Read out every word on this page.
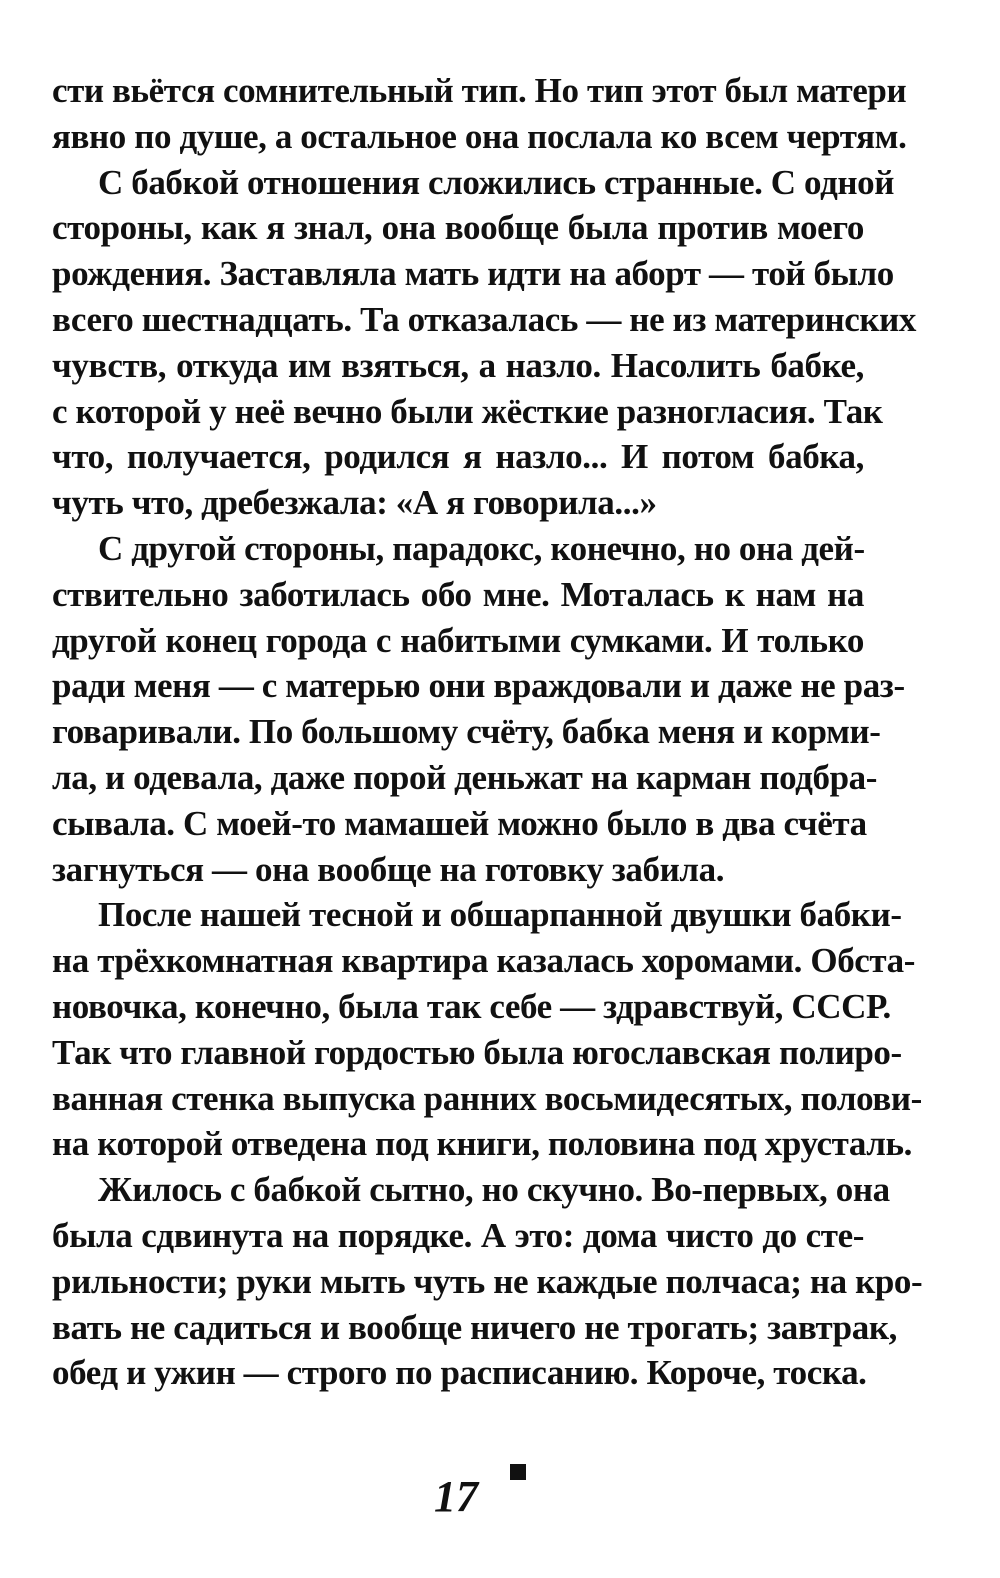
сти вьётся сомнительный тип. Но тип этот был матери
явно по душе, а остальное она послала ко всем чертям.
С бабкой отношения сложились странные. С одной
стороны, как я знал, она вообще была против моего
рождения. Заставляла мать идти на аборт — той было
всего шестнадцать. Та отказалась — не из материнских
чувств, откуда им взяться, а назло. Насолить бабке,
с которой у неё вечно были жёсткие разногласия. Так
что, получается, родился я назло... И потом бабка,
чуть что, дребезжала: «А я говорила...»
С другой стороны, парадокс, конечно, но она дей-
ствительно заботилась обо мне. Моталась к нам на
другой конец города с набитыми сумками. И только
ради меня — с матерью они враждовали и даже не раз-
говаривали. По большому счёту, бабка меня и корми-
ла, и одевала, даже порой деньжат на карман подбра-
сывала. С моей-то мамашей можно было в два счёта
загнуться — она вообще на готовку забила.
После нашей тесной и обшарпанной двушки бабки-
на трёхкомнатная квартира казалась хоромами. Обста-
новочка, конечно, была так себе — здравствуй, СССР.
Так что главной гордостью была югославская полиро-
ванная стенка выпуска ранних восьмидесятых, полови-
на которой отведена под книги, половина под хрусталь.
Жилось с бабкой сытно, но скучно. Во-первых, она
была сдвинута на порядке. А это: дома чисто до сте-
рильности; руки мыть чуть не каждые полчаса; на кро-
вать не садиться и вообще ничего не трогать; завтрак,
обед и ужин — строго по расписанию. Короче, тоска.
17
